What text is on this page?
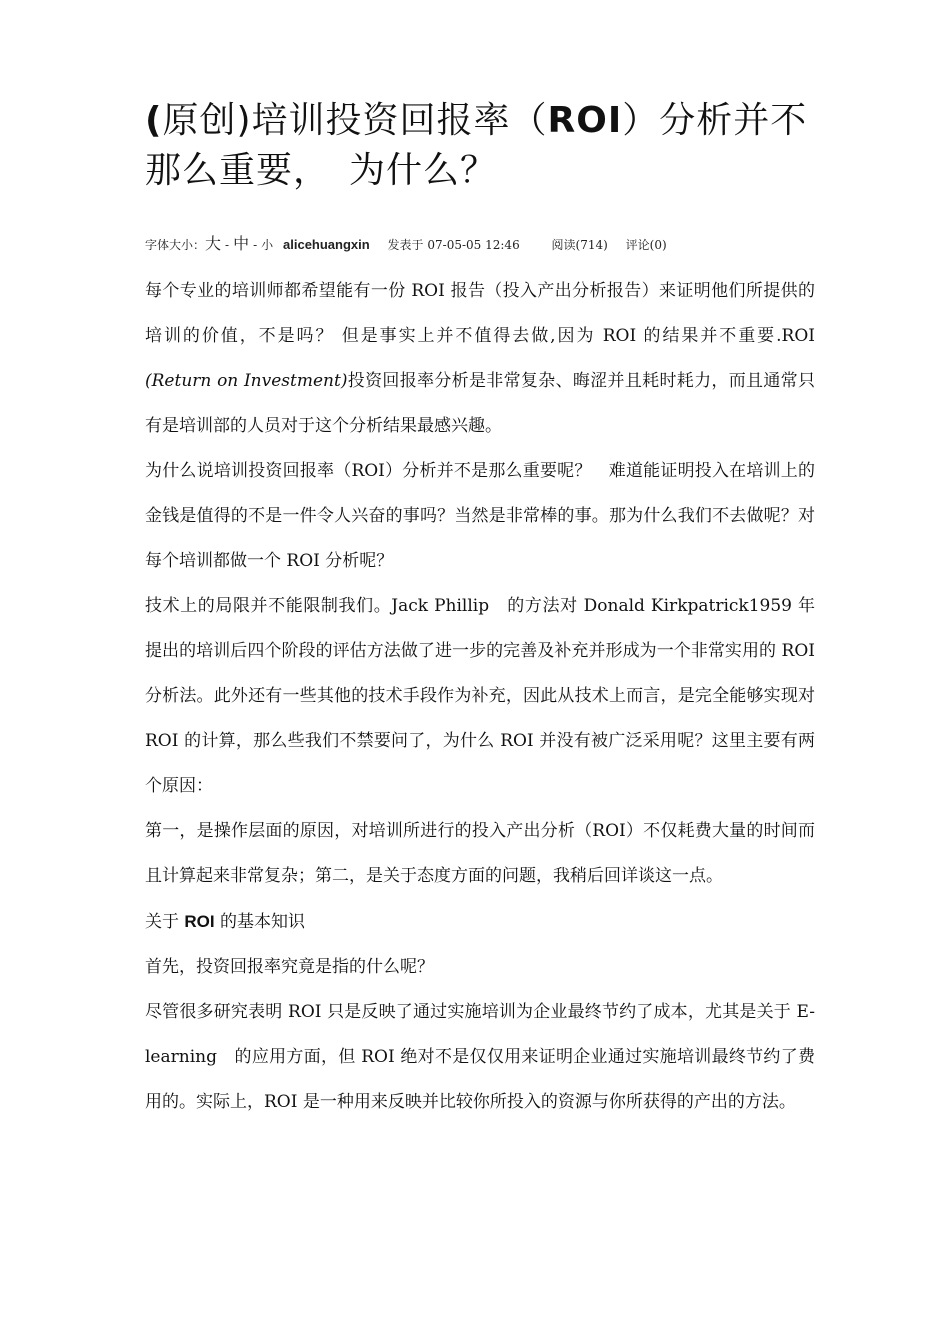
(原创)培训投资回报率（ROI）分析并不那么重要，　为什么？
字体大小：大 - 中 - 小 alicehuangxin 发表于 07-05-05 12:46	阅读(714) 评论(0)

每个专业的培训师都希望能有一份 ROI 报告（投入产出分析报告）来证明他们所提供的培训的价值，不是吗？ 但是事实上并不值得去做,因为 ROI 的结果并不重要.ROI (Return on Investment)投资回报率分析是非常复杂、晦涩并且耗时耗力，而且通常只有是培训部的人员对于这个分析结果最感兴趣。

为什么说培训投资回报率（ROI）分析并不是那么重要呢？　难道能证明投入在培训上的金钱是值得的不是一件令人兴奋的事吗？当然是非常棒的事。那为什么我们不去做呢？对每个培训都做一个 ROI 分析呢？

技术上的局限并不能限制我们。Jack Phillip　的方法对 Donald Kirkpatrick1959 年提出的培训后四个阶段的评估方法做了进一步的完善及补充并形成为一个非常实用的 ROI 分析法。此外还有一些其他的技术手段作为补充，因此从技术上而言，是完全能够实现对 ROI 的计算，那么些我们不禁要问了，为什么 ROI 并没有被广泛采用呢？这里主要有两个原因：

第一，是操作层面的原因，对培训所进行的投入产出分析（ROI）不仅耗费大量的时间而且计算起来非常复杂；第二，是关于态度方面的问题，我稍后回详谈这一点。

关于 ROI 的基本知识

首先，投资回报率究竟是指的什么呢？

尽管很多研究表明 ROI 只是反映了通过实施培训为企业最终节约了成本，尤其是关于 E-learning　的应用方面，但 ROI 绝对不是仅仅用来证明企业通过实施培训最终节约了费用的。实际上，ROI 是一种用来反映并比较你所投入的资源与你所获得的产出的方法。
